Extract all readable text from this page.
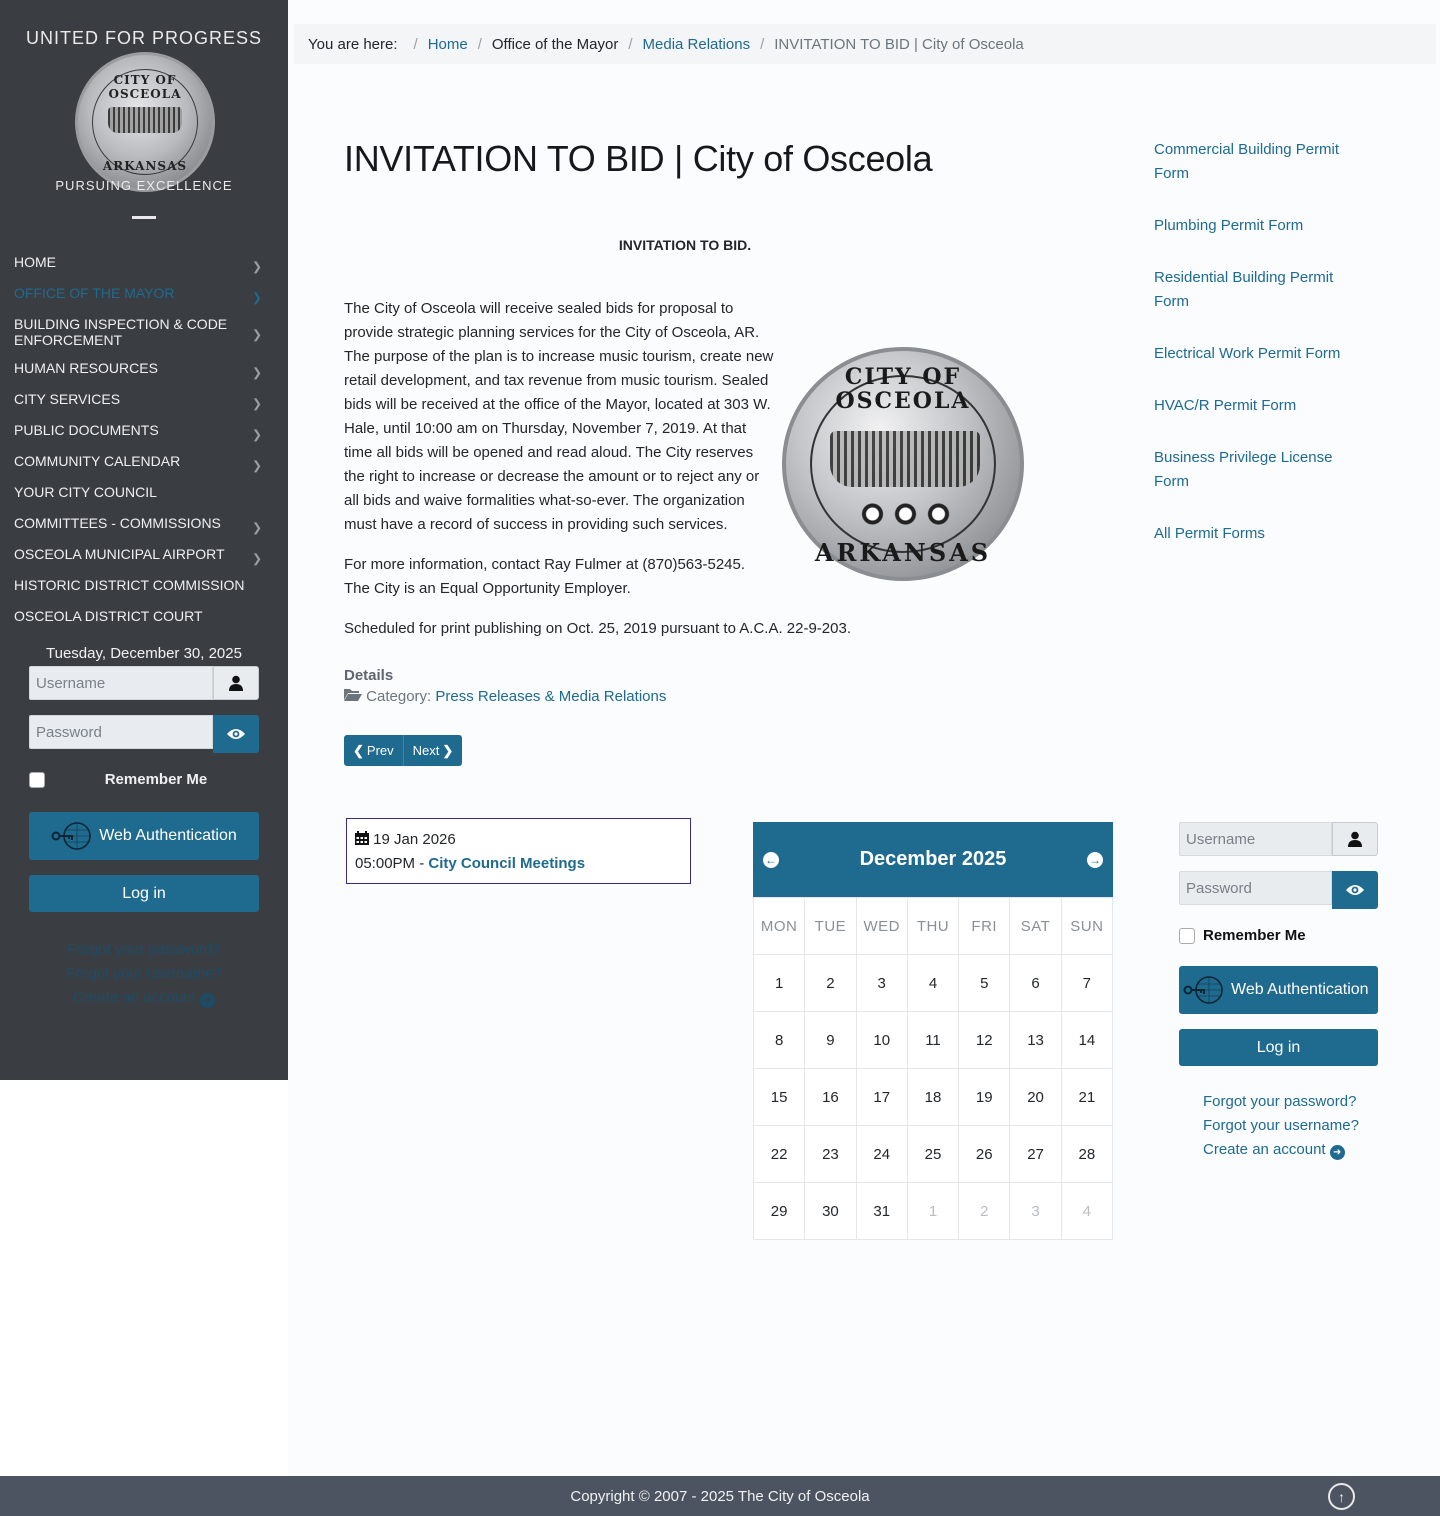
UNITED FOR PROGRESS
CITY OF OSCEOLA
ARKANSAS
PURSUING EXCELLENCE
HOME	❯
OFFICE OF THE MAYOR	❯
BUILDING INSPECTION & CODE ENFORCEMENT	❯
HUMAN RESOURCES	❯
CITY SERVICES	❯
PUBLIC DOCUMENTS	❯
COMMUNITY CALENDAR	❯
YOUR CITY COUNCIL
COMMITTEES - COMMISSIONS	❯
OSCEOLA MUNICIPAL AIRPORT ❯
HISTORIC DISTRICT COMMISSION
OSCEOLA DISTRICT COURT
Tuesday, December 30, 2025
Username
Remember Me
Web Authentication
Log in
Forgot your password?
Forgot your username?
Create an account ➜
You are here: / Home / Office of the Mayor / Media Relations / INVITATION TO BID | City of Osceola
INVITATION TO BID | City of Osceola
INVITATION TO BID.

CITY OF OSCEOLA
ARKANSAS
The City of Osceola will receive sealed bids for proposal to provide strategic planning services for the City of Osceola, AR. The purpose of the plan is to increase music tourism, create new retail development, and tax revenue from music tourism. Sealed bids will be received at the office of the Mayor, located at 303 W. Hale, until 10:00 am on Thursday, November 7, 2019. At that time all bids will be opened and read aloud. The City reserves the right to increase or decrease the amount or to reject any or all bids and waive formalities what-so-ever. The organization must have a record of success in providing such services.

For more information, contact Ray Fulmer at (870)563-5245. The City is an Equal Opportunity Employer.

Scheduled for print publishing on Oct. 25, 2019 pursuant to A.C.A. 22-9-203.

Details
Category: Press Releases & Media Relations
❮ Prev Next ❯
Commercial Building Permit Form
Plumbing Permit Form
Residential Building Permit Form
Electrical Work Permit Form
HVAC/R Permit Form
Business Privilege License Form
All Permit Forms
19 Jan 2026
05:00PM - City Council Meetings	←	December 2025	→
MON	TUE	WED	THU	FRI	SAT	SUN
1	2	3	4	5	6	7
8	9	10	11	12	13	14
15	16	17	18	19	20	21
22	23	24	25	26	27	28
29	30	31	1	2	3	4
Username
Remember Me
Web Authentication
Log in
Forgot your password?
Forgot your username?
Create an account ➜
Copyright © 2007 - 2025 The City of Osceola	↑
